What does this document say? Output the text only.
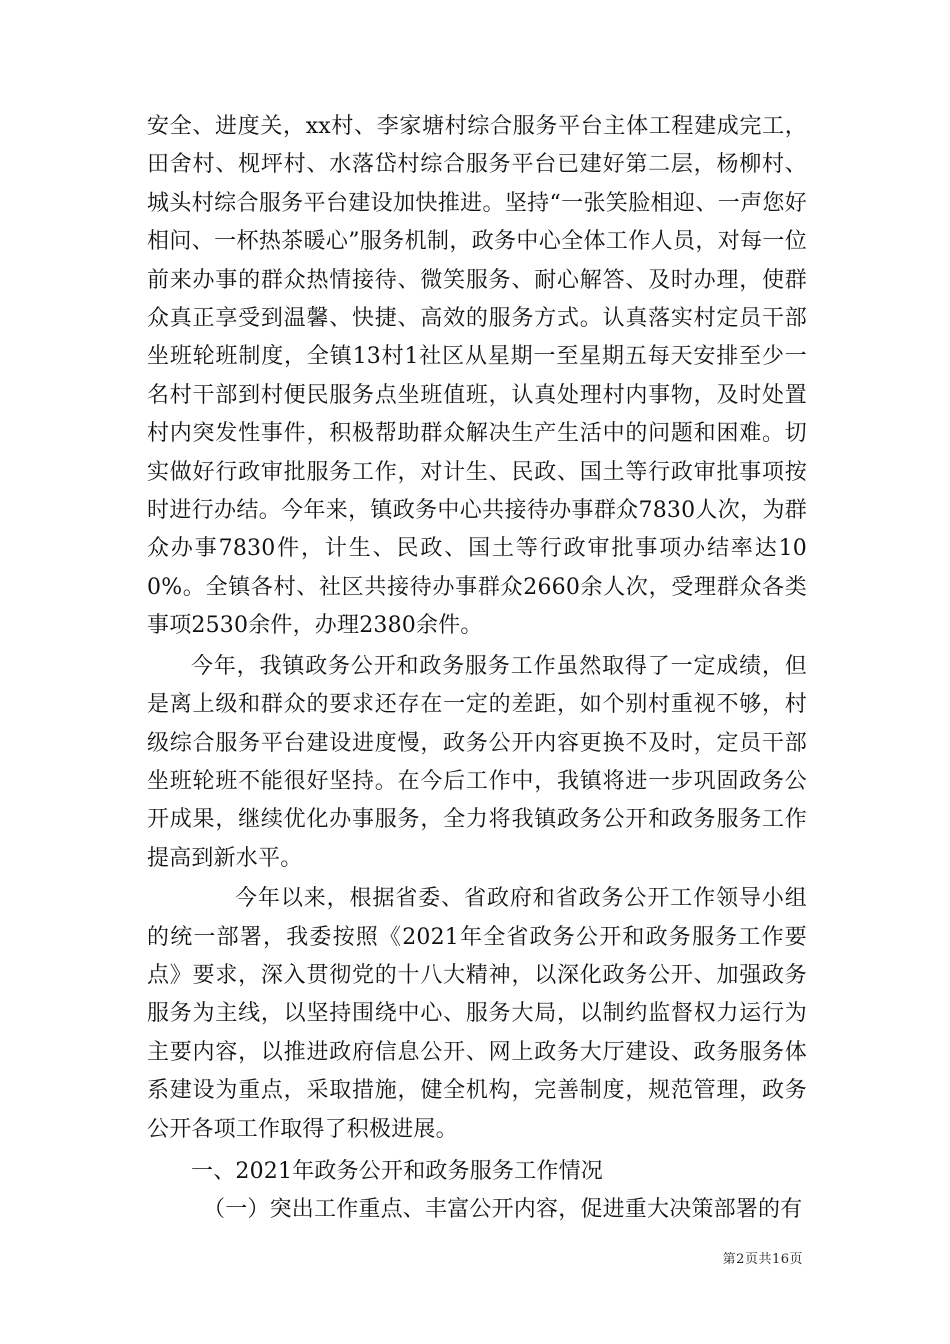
安全、进度关，xx村、李家塘村综合服务平台主体工程建成完工，田舍村、枧坪村、水落岱村综合服务平台已建好第二层，杨柳村、城头村综合服务平台建设加快推进。坚持“一张笑脸相迎、一声您好相问、一杯热茶暖心”服务机制，政务中心全体工作人员，对每一位前来办事的群众热情接待、微笑服务、耐心解答、及时办理，使群众真正享受到温馨、快捷、高效的服务方式。认真落实村定员干部坐班轮班制度，全镇13村1社区从星期一至星期五每天安排至少一名村干部到村便民服务点坐班值班，认真处理村内事物，及时处置村内突发性事件，积极帮助群众解决生产生活中的问题和困难。切实做好行政审批服务工作，对计生、民政、国土等行政审批事项按时进行办结。今年来，镇政务中心共接待办事群众7830人次，为群众办事7830件，计生、民政、国土等行政审批事项办结率达100%。全镇各村、社区共接待办事群众2660余人次，受理群众各类事项2530余件，办理2380余件。

今年，我镇政务公开和政务服务工作虽然取得了一定成绩，但是离上级和群众的要求还存在一定的差距，如个别村重视不够，村级综合服务平台建设进度慢，政务公开内容更换不及时，定员干部坐班轮班不能很好坚持。在今后工作中，我镇将进一步巩固政务公开成果，继续优化办事服务，全力将我镇政务公开和政务服务工作提高到新水平。

今年以来，根据省委、省政府和省政务公开工作领导小组的统一部署，我委按照《2021年全省政务公开和政务服务工作要点》要求，深入贯彻党的十八大精神，以深化政务公开、加强政务服务为主线，以坚持围绕中心、服务大局，以制约监督权力运行为主要内容，以推进政府信息公开、网上政务大厅建设、政务服务体系建设为重点，采取措施，健全机构，完善制度，规范管理，政务公开各项工作取得了积极进展。

一、2021年政务公开和政务服务工作情况

（一）突出工作重点、丰富公开内容，促进重大决策部署的有

第2页共16页
